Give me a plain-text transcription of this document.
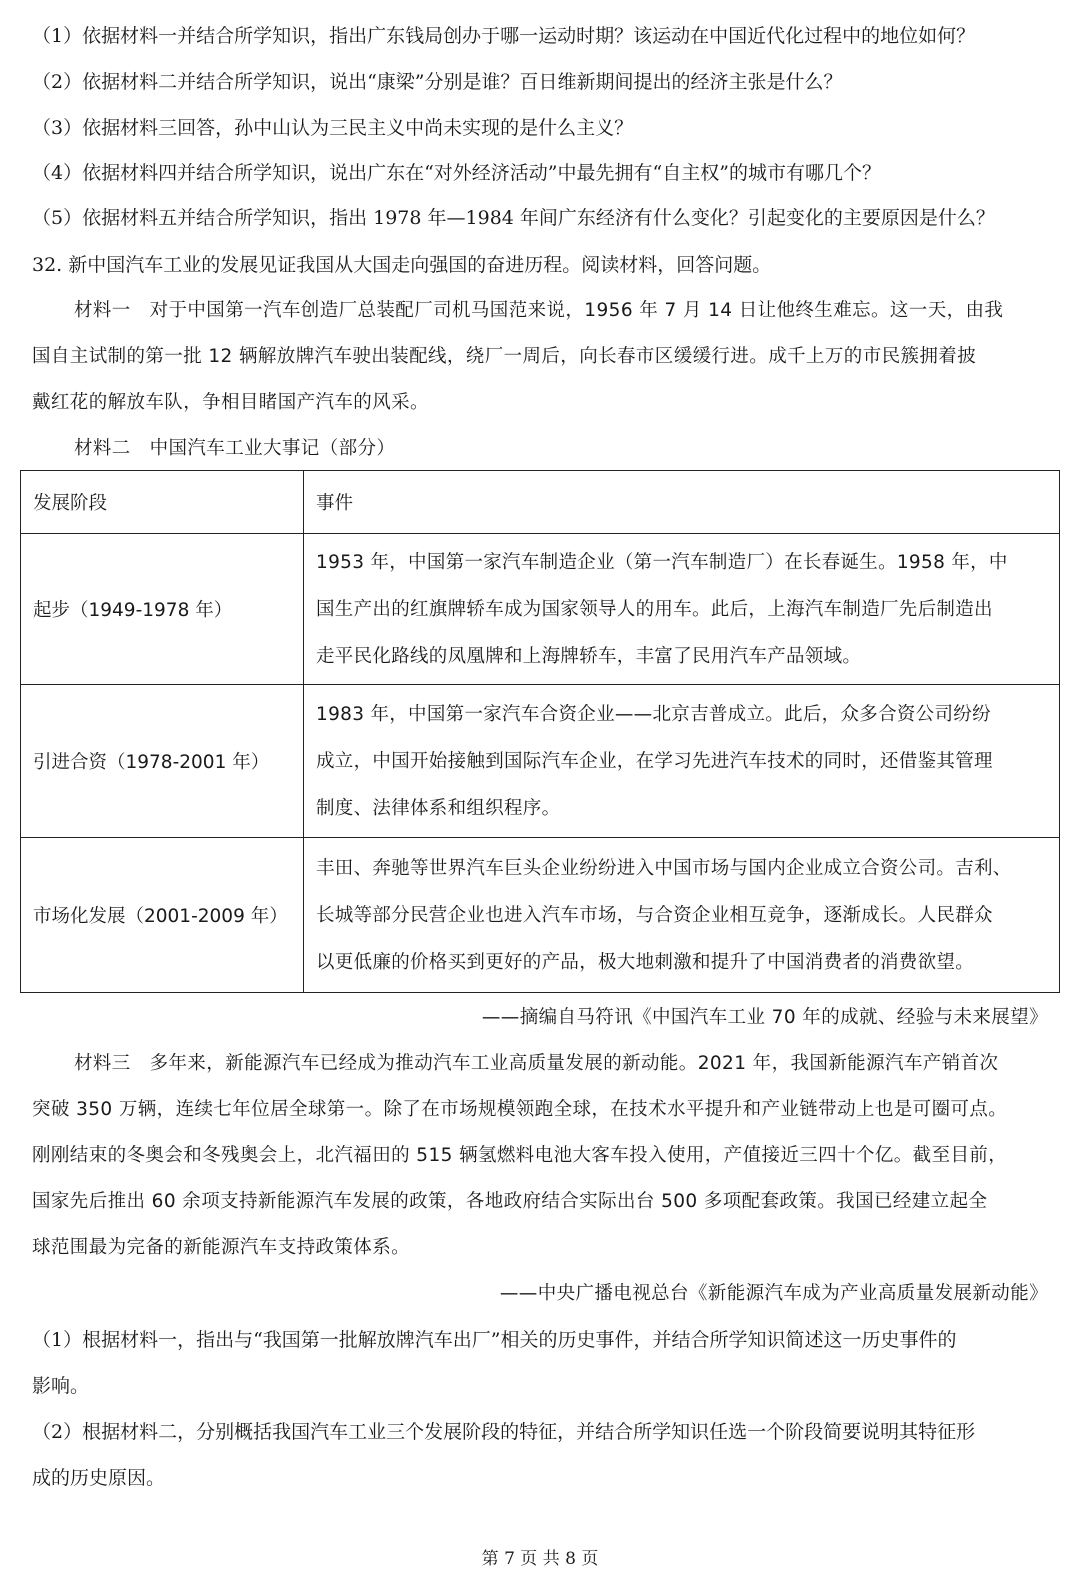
（1）依据材料一并结合所学知识，指出广东钱局创办于哪一运动时期？该运动在中国近代化过程中的地位如何？
（2）依据材料二并结合所学知识，说出“康梁”分别是谁？百日维新期间提出的经济主张是什么？
（3）依据材料三回答，孙中山认为三民主义中尚未实现的是什么主义？
（4）依据材料四并结合所学知识，说出广东在“对外经济活动”中最先拥有“自主权”的城市有哪几个？
（5）依据材料五并结合所学知识，指出 1978 年—1984 年间广东经济有什么变化？引起变化的主要原因是什么？
32. 新中国汽车工业的发展见证我国从大国走向强国的奋进历程。阅读材料，回答问题。
材料一　对于中国第一汽车创造厂总装配厂司机马国范来说，1956 年 7 月 14 日让他终生难忘。这一天，由我
国自主试制的第一批 12 辆解放牌汽车驶出装配线，绕厂一周后，向长春市区缓缓行进。成千上万的市民簇拥着披
戴红花的解放车队，争相目睹国产汽车的风采。
材料二　中国汽车工业大事记（部分）
发展阶段	事件
起步（1949-1978 年）	1953 年，中国第一家汽车制造企业（第一汽车制造厂）在长春诞生。1958 年，中
国生产出的红旗牌轿车成为国家领导人的用车。此后，上海汽车制造厂先后制造出
走平民化路线的凤凰牌和上海牌轿车，丰富了民用汽车产品领域。

引进合资（1978-2001 年）	1983 年，中国第一家汽车合资企业——北京吉普成立。此后，众多合资公司纷纷
成立，中国开始接触到国际汽车企业，在学习先进汽车技术的同时，还借鉴其管理
制度、法律体系和组织程序。

市场化发展（2001-2009 年）	丰田、奔驰等世界汽车巨头企业纷纷进入中国市场与国内企业成立合资公司。吉利、
长城等部分民营企业也进入汽车市场，与合资企业相互竞争，逐渐成长。人民群众
以更低廉的价格买到更好的产品，极大地刺激和提升了中国消费者的消费欲望。
——摘编自马符讯《中国汽车工业 70 年的成就、经验与未来展望》
材料三　多年来，新能源汽车已经成为推动汽车工业高质量发展的新动能。2021 年，我国新能源汽车产销首次
突破 350 万辆，连续七年位居全球第一。除了在市场规模领跑全球，在技术水平提升和产业链带动上也是可圈可点。
刚刚结束的冬奥会和冬残奥会上，北汽福田的 515 辆氢燃料电池大客车投入使用，产值接近三四十个亿。截至目前，
国家先后推出 60 余项支持新能源汽车发展的政策，各地政府结合实际出台 500 多项配套政策。我国已经建立起全
球范围最为完备的新能源汽车支持政策体系。
——中央广播电视总台《新能源汽车成为产业高质量发展新动能》
（1）根据材料一，指出与“我国第一批解放牌汽车出厂”相关的历史事件，并结合所学知识简述这一历史事件的
影响。
（2）根据材料二，分别概括我国汽车工业三个发展阶段的特征，并结合所学知识任选一个阶段简要说明其特征形
成的历史原因。
第 7 页 共 8 页
